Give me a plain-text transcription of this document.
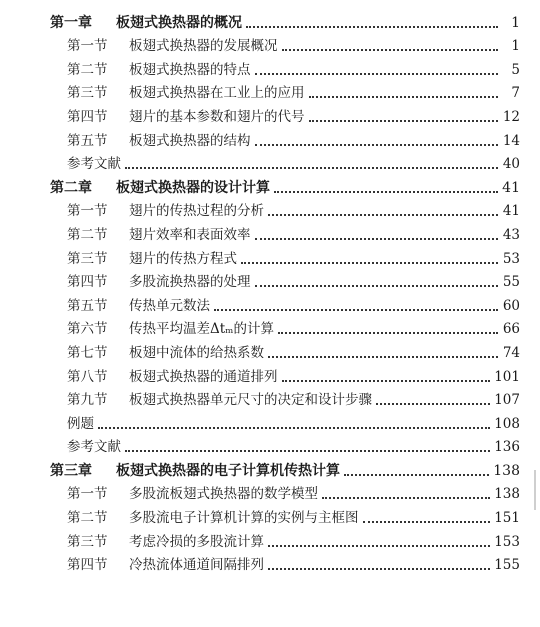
第一章 板翅式换热器的概况	1
第一节 板翅式换热器的发展概况	1
第二节 板翅式换热器的特点	5
第三节 板翅式换热器在工业上的应用	7
第四节 翅片的基本参数和翅片的代号	12
第五节 板翅式换热器的结构	14
参考文献	40
第二章 板翅式换热器的设计计算	41
第一节 翅片的传热过程的分析	41
第二节 翅片效率和表面效率	43
第三节 翅片的传热方程式	53
第四节 多股流换热器的处理	55
第五节 传热单元数法	60
第六节 传热平均温差Δtₘ的计算	66
第七节 板翅中流体的给热系数	74
第八节 板翅式换热器的通道排列	101
第九节 板翅式换热器单元尺寸的决定和设计步骤	107
例题	108
参考文献	136
第三章 板翅式换热器的电子计算机传热计算	138
第一节 多股流板翅式换热器的数学模型	138
第二节 多股流电子计算机计算的实例与主框图	151
第三节 考虑冷损的多股流计算	153
第四节 冷热流体通道间隔排列	155
